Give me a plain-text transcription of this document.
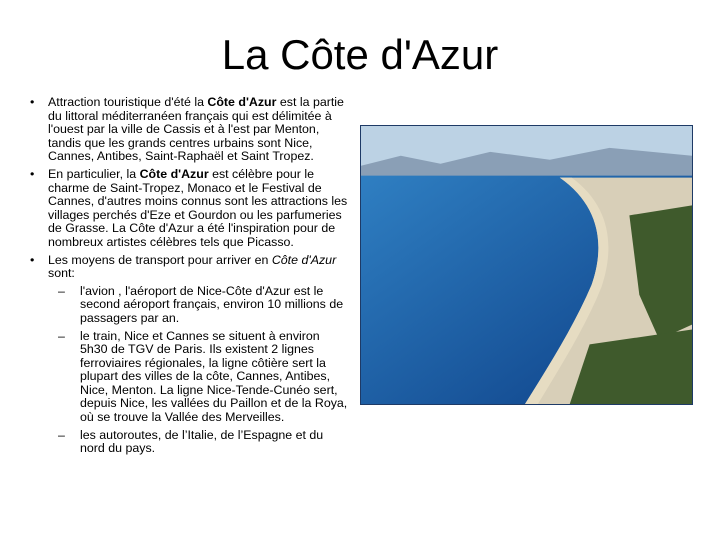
La Côte d'Azur
• Attraction touristique d'été la Côte d'Azur est la partie du littoral méditerranéen français qui est délimitée à l'ouest par la ville de Cassis et à l'est par Menton, tandis que les grands centres urbains sont Nice, Cannes, Antibes, Saint-Raphaël et Saint Tropez.
• En particulier, la Côte d'Azur est célèbre pour le charme de Saint-Tropez, Monaco et le Festival de Cannes, d'autres moins connus sont les attractions les villages perchés d'Eze et Gourdon ou les parfumeries de Grasse. La Côte d'Azur a été l'inspiration pour de nombreux artistes célèbres tels que Picasso.
• Les moyens de transport pour arriver en Côte d'Azur sont:
– l'avion , l'aéroport de Nice-Côte d'Azur est le second aéroport français, environ 10 millions de passagers par an.
– le train, Nice et Cannes se situent à environ 5h30 de TGV de Paris. Ils existent 2 lignes ferroviaires régionales, la ligne côtière sert la plupart des villes de la côte, Cannes, Antibes, Nice, Menton. La ligne Nice-Tende-Cunéo sert, depuis Nice, les vallées du Paillon et de la Roya, où se trouve la Vallée des Merveilles.
– les autoroutes, de l’Italie, de l’Espagne et du nord du pays.
